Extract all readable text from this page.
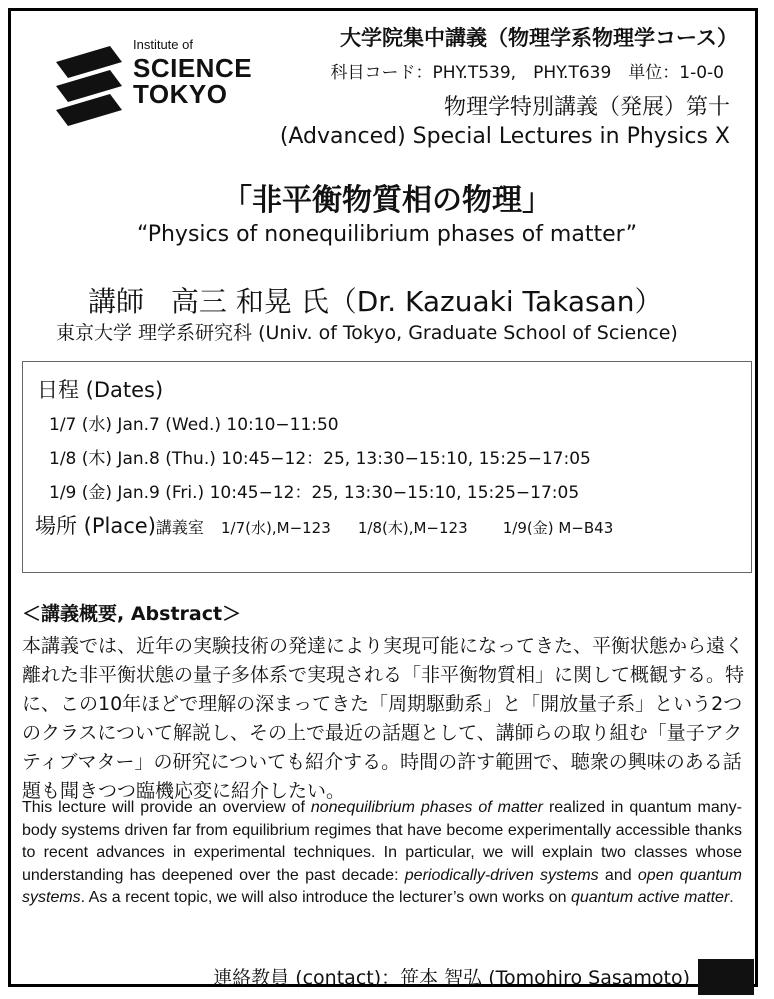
Institute of
SCIENCE
TOKYO
大学院集中講義（物理学系物理学コース）
科目コード：PHY.T539,　PHY.T639　単位：1-0-0
物理学特別講義（発展）第十
(Advanced) Special Lectures in Physics X
「非平衡物質相の物理」
“Physics of nonequilibrium phases of matter”
講師 高三 和晃 氏（Dr. Kazuaki Takasan）
東京大学 理学系研究科 (Univ. of Tokyo, Graduate School of Science)
日程 (Dates)
1/7 (水) Jan.7 (Wed.) 10:10−11:50
1/8 (木) Jan.8 (Thu.) 10:45−12：25, 13:30−15:10, 15:25−17:05
1/9 (金) Jan.9 (Fri.) 10:45−12：25, 13:30−15:10, 15:25−17:05
場所 (Place)講義室 1/7(水),M−123 1/8(木),M−123 1/9(金) M−B43
＜講義概要, Abstract＞
本講義では、近年の実験技術の発達により実現可能になってきた、平衡状態から遠く離れた非平衡状態の量子多体系で実現される「非平衡物質相」に関して概観する。特に、この10年ほどで理解の深まってきた「周期駆動系」と「開放量子系」という2つのクラスについて解説し、その上で最近の話題として、講師らの取り組む「量子アクティブマター」の研究についても紹介する。時間の許す範囲で、聴衆の興味のある話題も聞きつつ臨機応変に紹介したい。
This lecture will provide an overview of nonequilibrium phases of matter realized in quantum many-body systems driven far from equilibrium regimes that have become experimentally accessible thanks to recent advances in experimental techniques. In particular, we will explain two classes whose understanding has deepened over the past decade: periodically-driven systems and open quantum systems. As a recent topic, we will also introduce the lecturer’s own works on quantum active matter.
連絡教員 (contact)：笹本 智弘 (Tomohiro Sasamoto)
